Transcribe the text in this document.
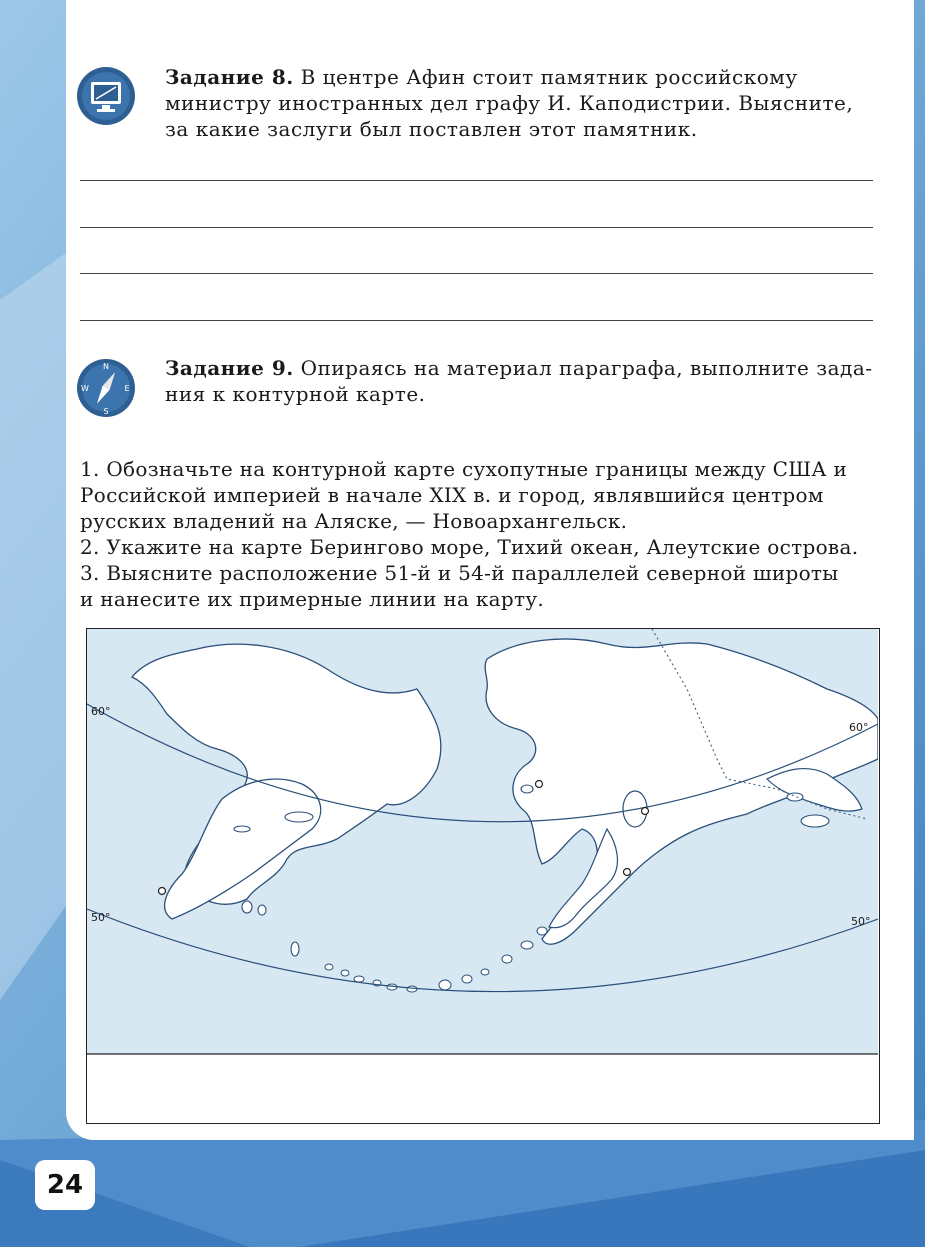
Задание 8. В центре Афин стоит памятник российскому
министру иностранных дел графу И. Каподистрии. Выясните,
за какие заслуги был поставлен этот памятник.
N
W	E
S
Задание 9. Опираясь на материал параграфа, выполните зада-
ния к контурной карте.
1. Обозначьте на контурной карте сухопутные границы между США и
Российской империей в начале XIX в. и город, являвшийся центром
русских владений на Аляске, — Новоархангельск.
2. Укажите на карте Берингово море, Тихий океан, Алеутские острова.
3. Выясните расположение 51-й и 54-й параллелей северной широты
и нанесите их примерные линии на карту.
60°
60°
50°	50°
24
